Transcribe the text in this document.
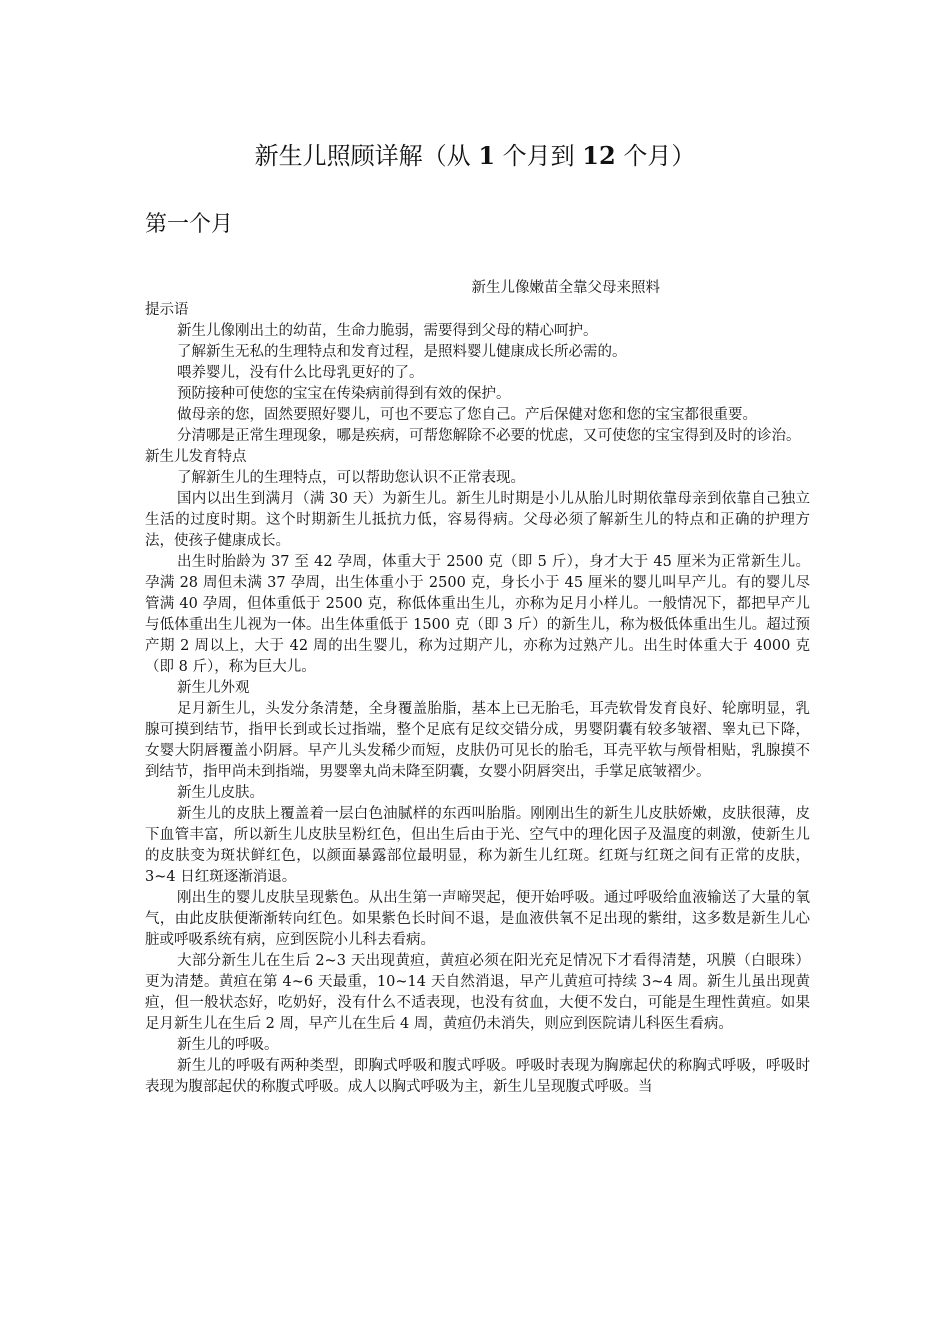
新生儿照顾详解（从 1 个月到 12 个月）
第一个月
新生儿像嫩苗全靠父母来照料

提示语

新生儿像刚出土的幼苗，生命力脆弱，需要得到父母的精心呵护。

了解新生无私的生理特点和发育过程，是照料婴儿健康成长所必需的。

喂养婴儿，没有什么比母乳更好的了。

预防接种可使您的宝宝在传染病前得到有效的保护。

做母亲的您，固然要照好婴儿，可也不要忘了您自己。产后保健对您和您的宝宝都很重要。

分清哪是正常生理现象，哪是疾病，可帮您解除不必要的忧虑，又可使您的宝宝得到及时的诊治。

新生儿发育特点

了解新生儿的生理特点，可以帮助您认识不正常表现。

国内以出生到满月（满 30 天）为新生儿。新生儿时期是小儿从胎儿时期依靠母亲到依靠自己独立生活的过度时期。这个时期新生儿抵抗力低，容易得病。父母必须了解新生儿的特点和正确的护理方法，使孩子健康成长。

出生时胎龄为 37 至 42 孕周，体重大于 2500 克（即 5 斤），身才大于 45 厘米为正常新生儿。孕满 28 周但未满 37 孕周，出生体重小于 2500 克，身长小于 45 厘米的婴儿叫早产儿。有的婴儿尽管满 40 孕周，但体重低于 2500 克，称低体重出生儿，亦称为足月小样儿。一般情况下，都把早产儿与低体重出生儿视为一体。出生体重低于 1500 克（即 3 斤）的新生儿，称为极低体重出生儿。超过预产期 2 周以上，大于 42 周的出生婴儿，称为过期产儿，亦称为过熟产儿。出生时体重大于 4000 克（即 8 斤），称为巨大儿。

新生儿外观

足月新生儿，头发分条清楚，全身覆盖胎脂，基本上已无胎毛，耳壳软骨发育良好、轮廓明显，乳腺可摸到结节，指甲长到或长过指端，整个足底有足纹交错分成，男婴阴囊有较多皱褶、睾丸已下降，女婴大阴唇覆盖小阴唇。早产儿头发稀少而短，皮肤仍可见长的胎毛，耳壳平软与颅骨相贴，乳腺摸不到结节，指甲尚未到指端，男婴睾丸尚未降至阴囊，女婴小阴唇突出，手掌足底皱褶少。

新生儿皮肤。

新生儿的皮肤上覆盖着一层白色油腻样的东西叫胎脂。刚刚出生的新生儿皮肤娇嫩，皮肤很薄，皮下血管丰富，所以新生儿皮肤呈粉红色，但出生后由于光、空气中的理化因子及温度的刺激，使新生儿的皮肤变为斑状鲜红色，以颜面暴露部位最明显，称为新生儿红斑。红斑与红斑之间有正常的皮肤，3~4 日红斑逐渐消退。

刚出生的婴儿皮肤呈现紫色。从出生第一声啼哭起，便开始呼吸。通过呼吸给血液输送了大量的氧气，由此皮肤便渐渐转向红色。如果紫色长时间不退，是血液供氧不足出现的紫绀，这多数是新生儿心脏或呼吸系统有病，应到医院小儿科去看病。

大部分新生儿在生后 2~3 天出现黄疸，黄疸必须在阳光充足情况下才看得清楚，巩膜（白眼珠）更为清楚。黄疸在第 4~6 天最重，10~14 天自然消退，早产儿黄疸可持续 3~4 周。新生儿虽出现黄疸，但一般状态好，吃奶好，没有什么不适表现，也没有贫血，大便不发白，可能是生理性黄疸。如果足月新生儿在生后 2 周，早产儿在生后 4 周，黄疸仍未消失，则应到医院请儿科医生看病。

新生儿的呼吸。

新生儿的呼吸有两种类型，即胸式呼吸和腹式呼吸。呼吸时表现为胸廓起伏的称胸式呼吸，呼吸时表现为腹部起伏的称腹式呼吸。成人以胸式呼吸为主，新生儿呈现腹式呼吸。当
